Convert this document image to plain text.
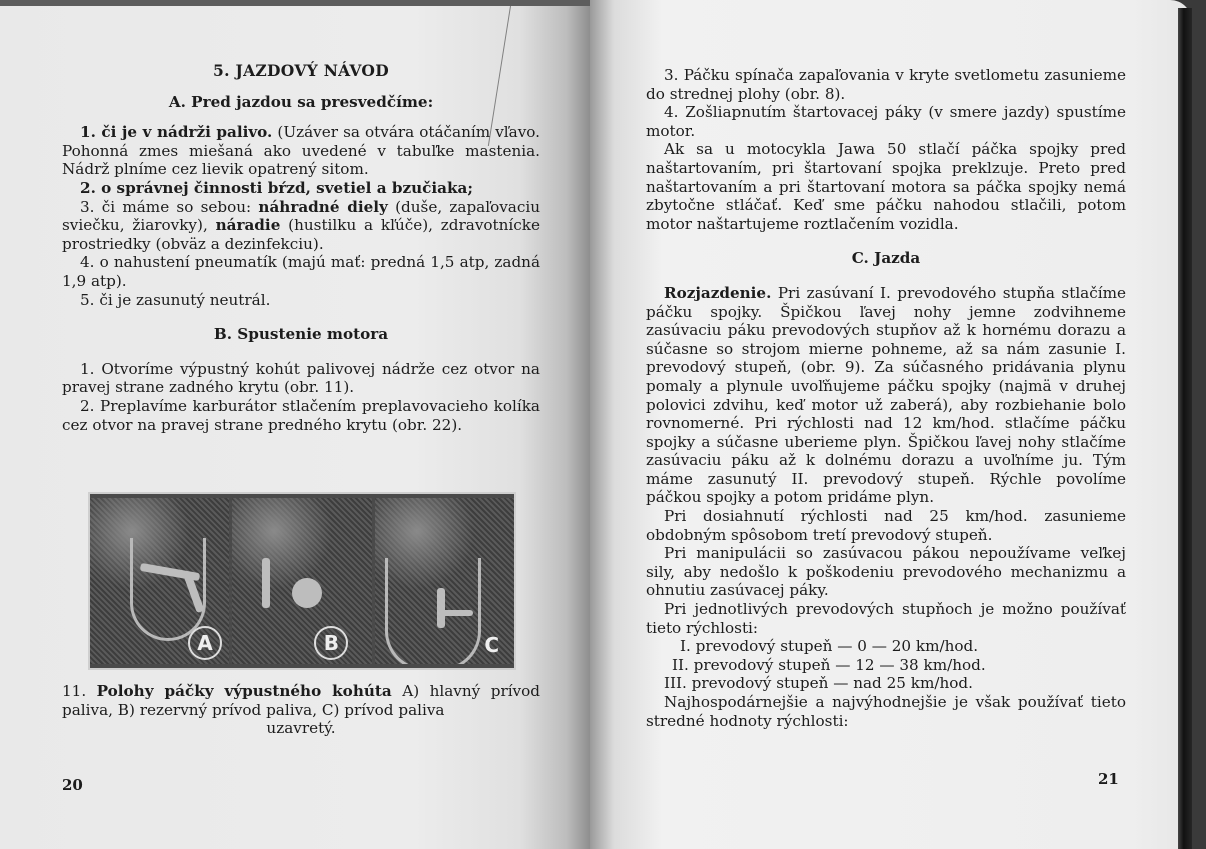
5. JAZDOVÝ NÁVOD

A. Pred jazdou sa presvedčíme:

1. či je v nádrži palivo. (Uzáver sa otvára otáčaním vľavo. Pohonná zmes miešaná ako uvedené v tabuľke mastenia. Nádrž plníme cez lievik opatrený sitom.

2. o správnej činnosti bŕzd, svetiel a bzučiaka;

3. či máme so sebou: náhradné diely (duše, zapaľovaciu sviečku, žiarovky), náradie (hustilku a kľúče), zdravotnícke prostriedky (obväz a dezinfekciu).

4. o nahustení pneumatík (majú mať: predná 1,5 atp, zadná 1,9 atp).

5. či je zasunutý neutrál.

B. Spustenie motora

1. Otvoríme výpustný kohút palivovej nádrže cez otvor na pravej strane zadného krytu (obr. 11).

2. Preplavíme karburátor stlačením preplavovacieho kolíka cez otvor na pravej strane predného krytu (obr. 22).

A	B	C
11. Polohy páčky výpustného kohúta A) hlavný prívod paliva, B) rezervný prívod paliva, C) prívod paliva
uzavretý.
20

3. Páčku spínača zapaľovania v kryte svetlometu zasunieme do strednej plohy (obr. 8).

4. Zošliapnutím štartovacej páky (v smere jazdy) spustíme motor.

Ak sa u motocykla Jawa 50 stlačí páčka spojky pred naštartovaním, pri štartovaní spojka preklzuje. Preto pred naštartovaním a pri štartovaní motora sa páčka spojky nemá zbytočne stláčať. Keď sme páčku nahodou stlačili, potom motor naštartujeme roztlačením vozidla.

C. Jazda

Rozjazdenie. Pri zasúvaní I. prevodového stupňa stlačíme páčku spojky. Špičkou ľavej nohy jemne zodvihneme zasúvaciu páku prevodových stupňov až k hornému dorazu a súčasne so strojom mierne pohneme, až sa nám zasunie I. prevodový stupeň, (obr. 9). Za súčasného pridávania plynu pomaly a plynule uvoľňujeme páčku spojky (najmä v druhej polovici zdvihu, keď motor už zaberá), aby rozbiehanie bolo rovnomerné. Pri rýchlosti nad 12 km/hod. stlačíme páčku spojky a súčasne uberieme plyn. Špičkou ľavej nohy stlačíme zasúvaciu páku až k dolnému dorazu a uvoľníme ju. Tým máme zasunutý II. prevodový stupeň. Rýchle povolíme páčkou spojky a potom pridáme plyn.

Pri dosiahnutí rýchlosti nad 25 km/hod. zasunieme obdobným spôsobom tretí prevodový stupeň.

Pri manipulácii so zasúvacou pákou nepoužívame veľkej sily, aby nedošlo k poškodeniu prevodového mechanizmu a ohnutiu zasúvacej páky.

Pri jednotlivých prevodových stupňoch je možno používať tieto rýchlosti:

I. prevodový stupeň — 0 — 20 km/hod.

II. prevodový stupeň — 12 — 38 km/hod.

III. prevodový stupeň — nad 25 km/hod.

Najhospodárnejšie a najvýhodnejšie je však používať tieto stredné hodnoty rýchlosti:

21
